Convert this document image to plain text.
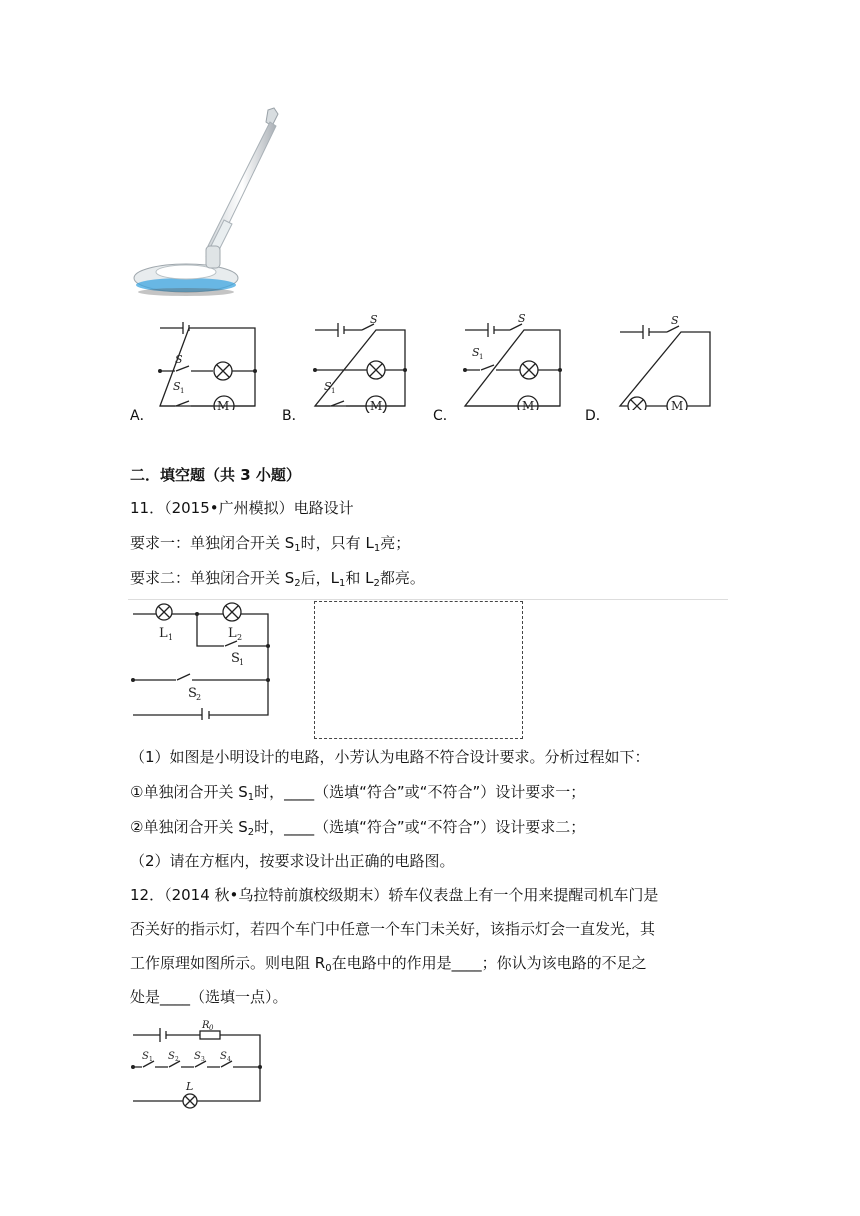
A．	B．	C．	D．
M
S
S 1
M
S
S 1
M
S
S 1
M
S
二．填空题（共 3 小题）
11．（2015•广州模拟）电路设计
要求一：单独闭合开关 $S_1$时，只有 $L_1$亮；
要求二：单独闭合开关 $S_2$后，$L_1$和 $L_2$都亮。
L 1	L 2
S 1
S 2
（1）如图是小明设计的电路，小芳认为电路不符合设计要求。分析过程如下：
①单独闭合开关 $S_1$时，____（选填“符合”或“不符合”）设计要求一；
②单独闭合开关 $S_2$时，____（选填“符合”或“不符合”）设计要求二；
（2）请在方框内，按要求设计出正确的电路图。
12．（2014 秋•乌拉特前旗校级期末）轿车仪表盘上有一个用来提醒司机车门是
否关好的指示灯，若四个车门中任意一个车门未关好，该指示灯会一直发光，其
工作原理如图所示。则电阻 $R_0$在电路中的作用是____；你认为该电路的不足之
处是____（选填一点）。
R 0
S 1 S 2 S 3 S 4
L
